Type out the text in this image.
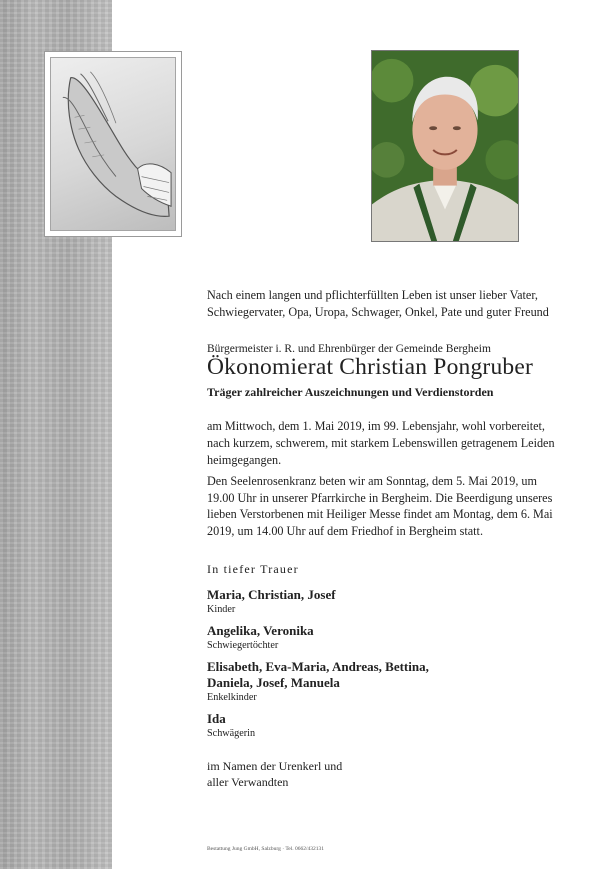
Nach einem langen und pflichterfüllten Leben ist unser lieber Vater, Schwiegervater, Opa, Uropa, Schwager, Onkel, Pate und guter Freund

Bürgermeister i. R. und Ehrenbürger der Gemeinde Bergheim

Ökonomierat Christian Pongruber

Träger zahlreicher Auszeichnungen und Verdienstorden

am Mittwoch, dem 1. Mai 2019, im 99. Lebensjahr, wohl vorbereitet, nach kurzem, schwerem, mit starkem Lebenswillen getragenem Leiden heimgegangen.

Den Seelenrosenkranz beten wir am Sonntag, dem 5. Mai 2019, um 19.00 Uhr in unserer Pfarrkirche in Bergheim. Die Beerdigung unseres lieben Verstorbenen mit Heiliger Messe findet am Montag, dem 6. Mai 2019, um 14.00 Uhr auf dem Friedhof in Bergheim statt.

In tiefer Trauer

Maria, Christian, Josef
Kinder
Angelika, Veronika
Schwiegertöchter
Elisabeth, Eva-Maria, Andreas, Bettina, Daniela, Josef, Manuela
Enkelkinder
Ida
Schwägerin

im Namen der Urenkerl und aller Verwandten

Bestattung Jung GmbH, Salzburg · Tel. 0662/432131
